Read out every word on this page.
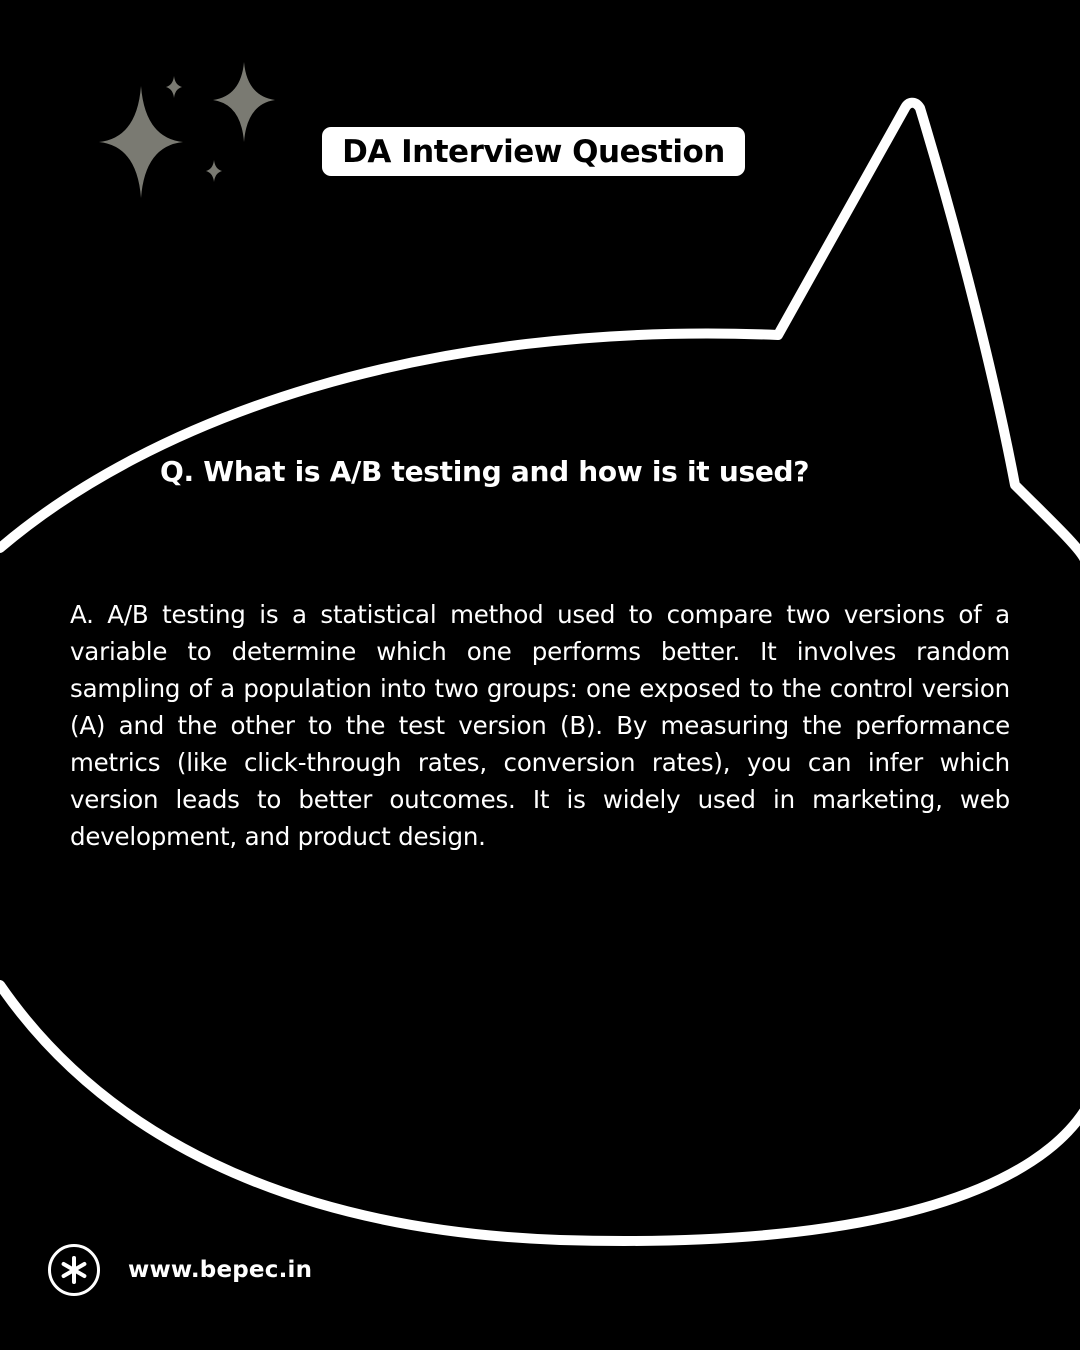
DA Interview Question
Q. What is A/B testing and how is it used?
A. A/B testing is a statistical method used to compare two versions of a variable to determine which one performs better. It involves random sampling of a population into two groups: one exposed to the control version (A) and the other to the test version (B). By measuring the performance metrics (like click-through rates, conversion rates), you can infer which version leads to better outcomes. It is widely used in marketing, web development, and product design.
www.bepec.in
